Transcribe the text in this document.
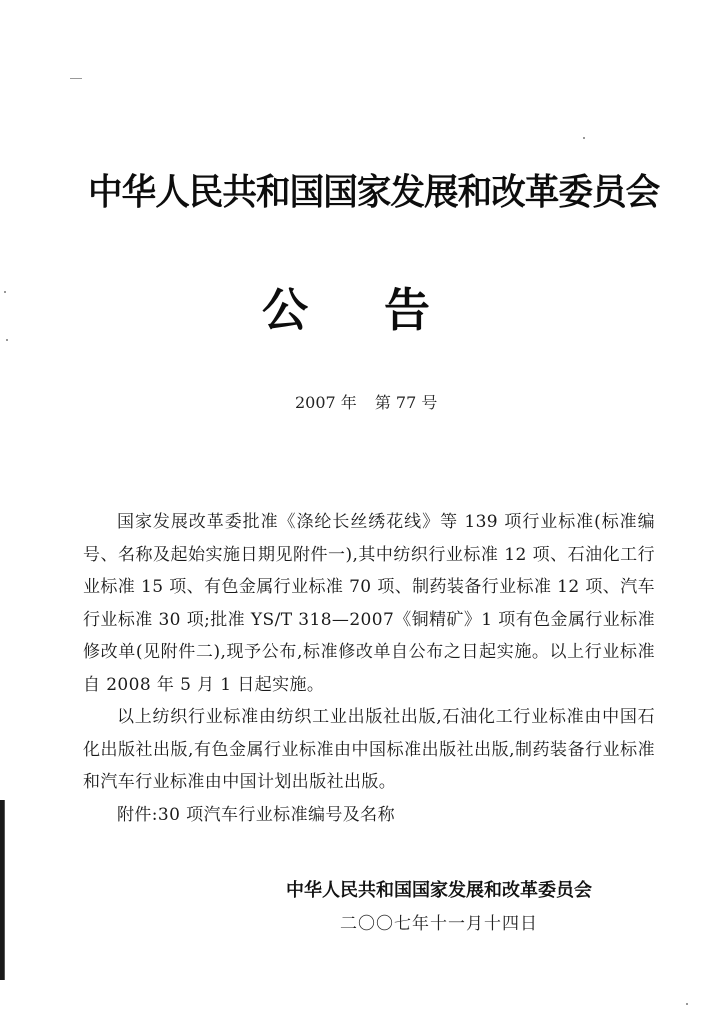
中华人民共和国国家发展和改革委员会
公 告
2007 年 第 77 号

国家发展改革委批准《涤纶长丝绣花线》等 139 项行业标准(标准编号、名称及起始实施日期见附件一),其中纺织行业标准 12 项、石油化工行业标准 15 项、有色金属行业标准 70 项、制药装备行业标准 12 项、汽车行业标准 30 项;批准 YS/T 318—2007《铜精矿》1 项有色金属行业标准修改单(见附件二),现予公布,标准修改单自公布之日起实施。以上行业标准自 2008 年 5 月 1 日起实施。

以上纺织行业标准由纺织工业出版社出版,石油化工行业标准由中国石化出版社出版,有色金属行业标准由中国标准出版社出版,制药装备行业标准和汽车行业标准由中国计划出版社出版。

附件:30 项汽车行业标准编号及名称

中华人民共和国国家发展和改革委员会
二〇〇七年十一月十四日
